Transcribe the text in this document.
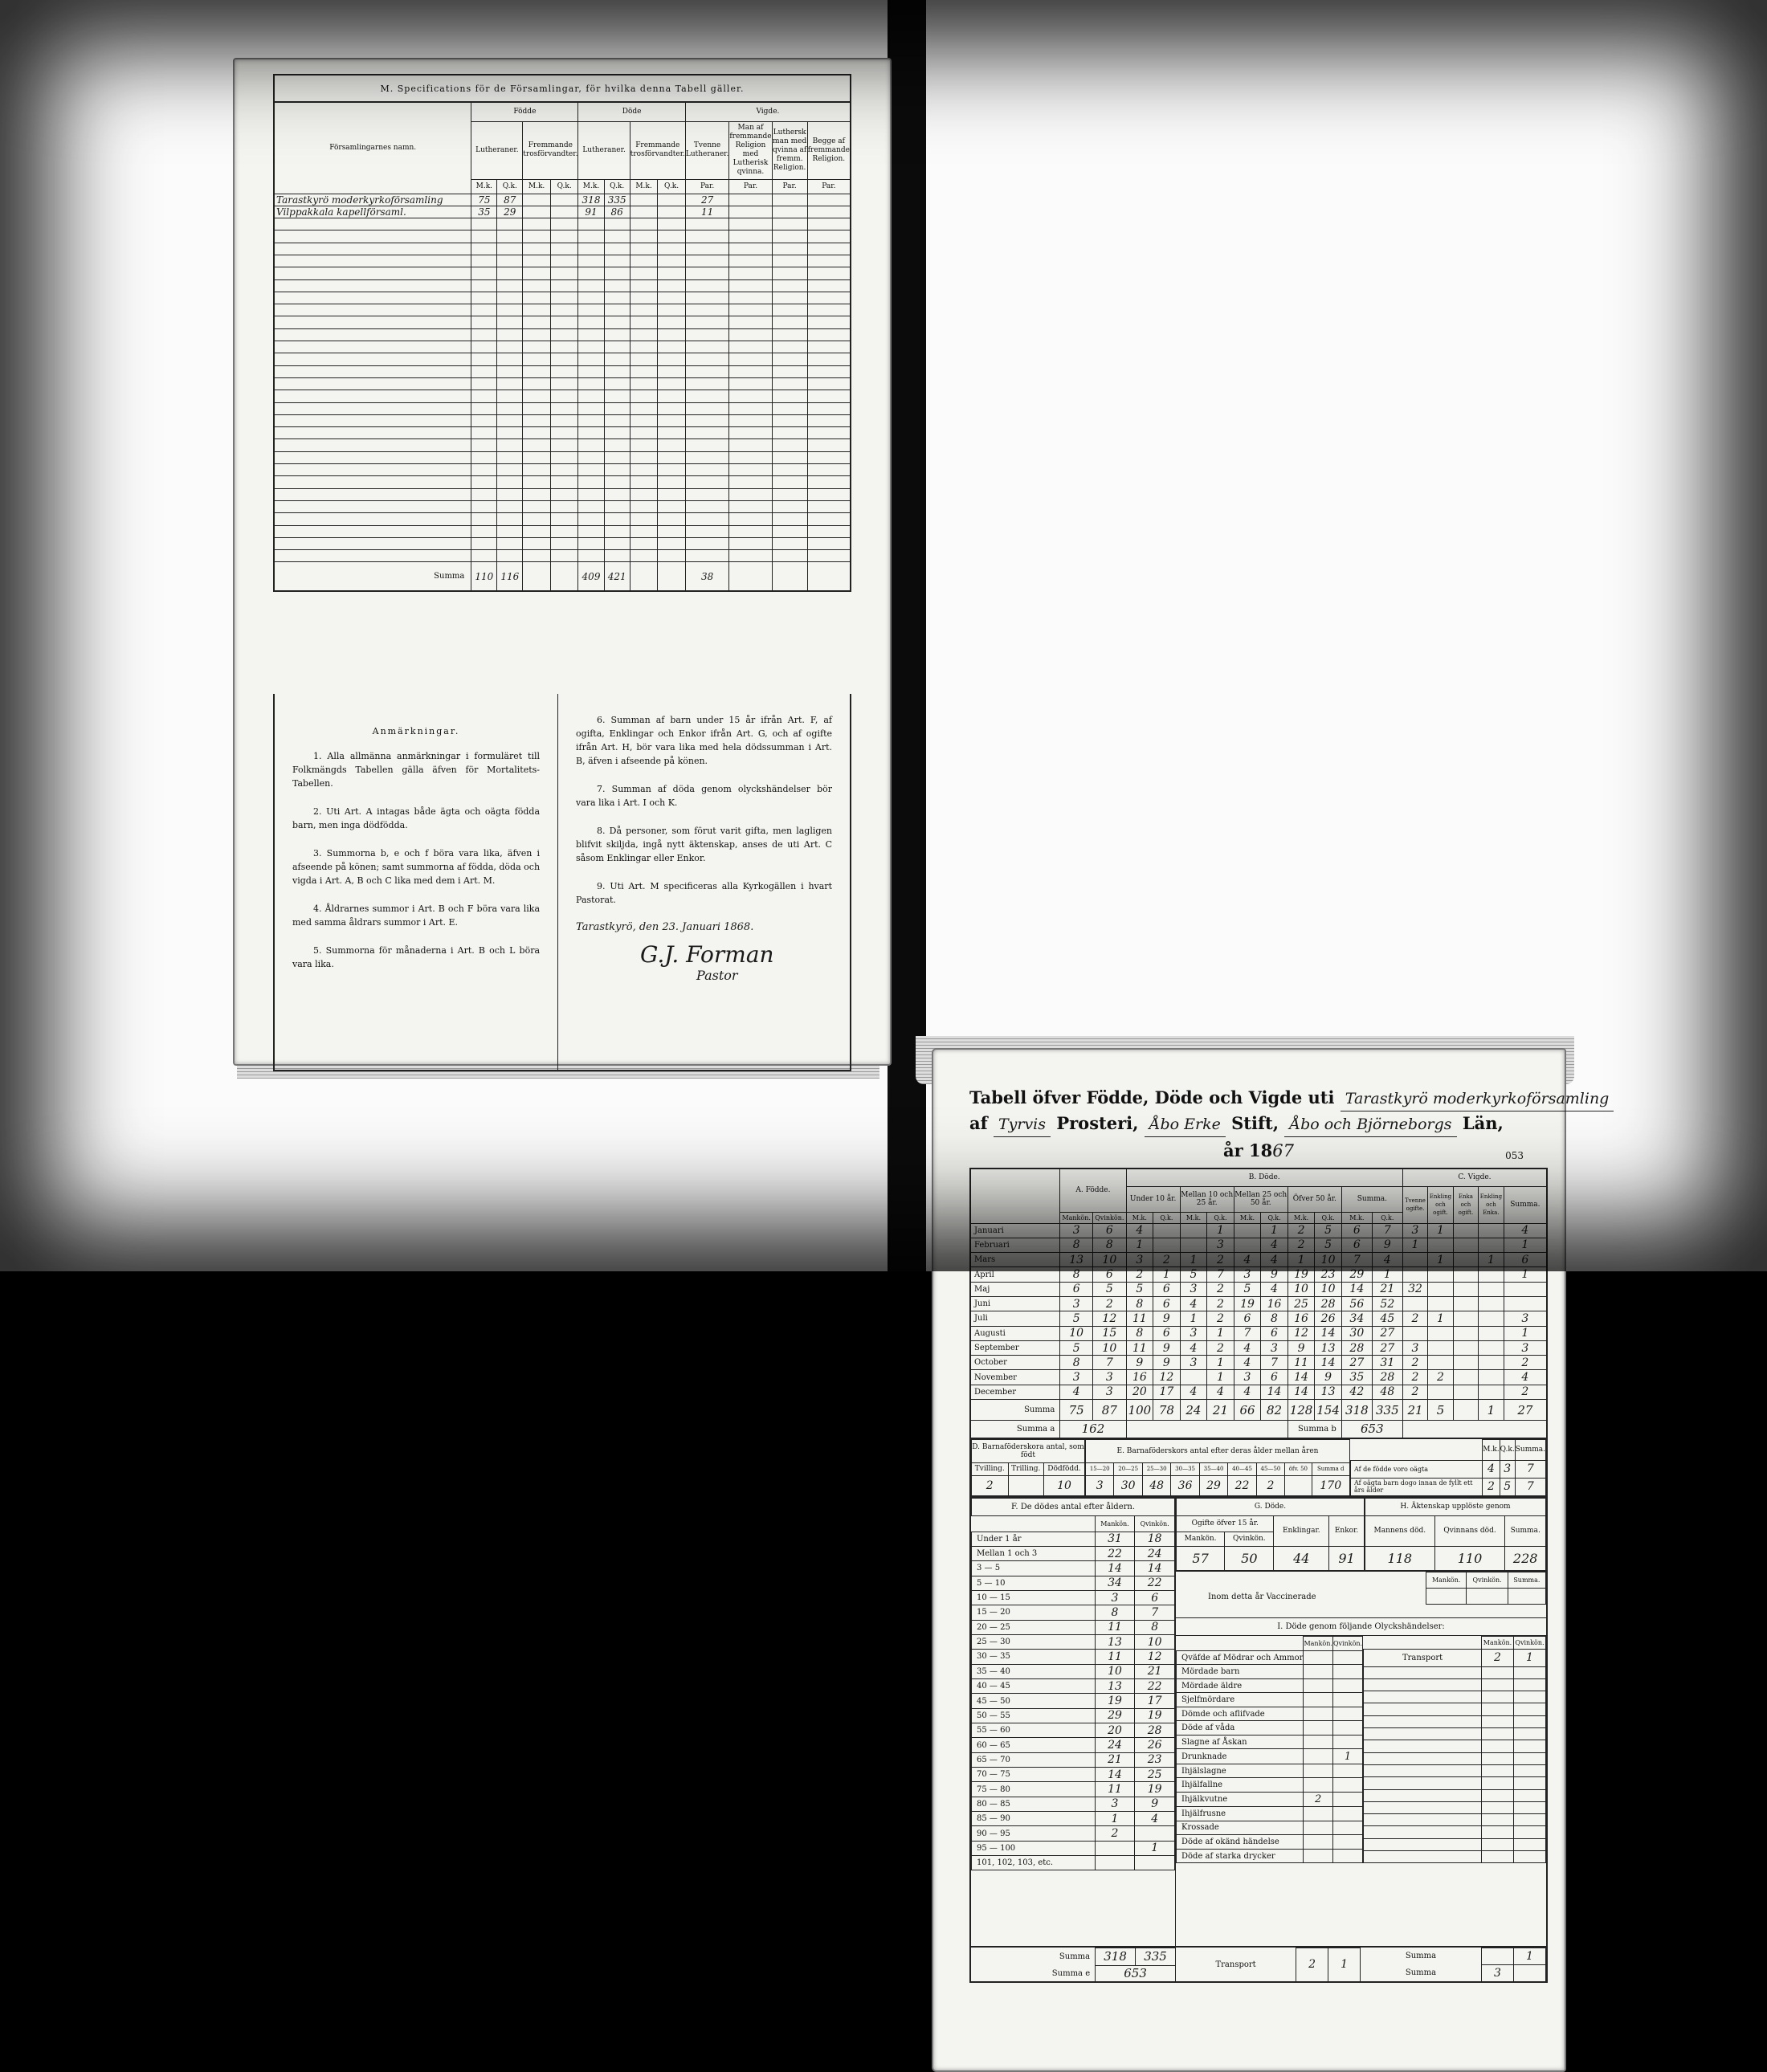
M. Specifications för de Församlingar, för hvilka denna Tabell gäller.
Församlingarnes namn.	Födde				Döde				Vigde.			
	Lutheraner.		Fremmande trosförvandter.		Lutheraner.		Fremmande trosförvandter.		Tvenne Lutheraner.	Man af fremmande Religion med Lutherisk qvinna.	Luthersk man med qvinna af fremm. Religion.	Begge af fremmande Religion.
	M.k.	Q.k.	M.k.	Q.k.	M.k.	Q.k.	M.k.	Q.k.	Par.	Par.	Par.	Par.
Tarastkyrö moderkyrkoförsamling	75	87			318	335			27			
Vilppakkala kapellförsaml.	35	29			91	86			11			

Summa	110	116			409	421			38			
Anmärkningar.

1. Alla allmänna anmärkningar i formuläret till Folkmängds Tabellen gälla äfven för Mortalitets-Tabellen.

2. Uti Art. A intagas både ägta och oägta födda barn, men inga dödfödda.

3. Summorna b, e och f böra vara lika, äfven i afseende på könen; samt summorna af födda, döda och vigda i Art. A, B och C lika med dem i Art. M.

4. Åldrarnes summor i Art. B och F böra vara lika med samma åldrars summor i Art. E.

5. Summorna för månaderna i Art. B och L böra vara lika.

6. Summan af barn under 15 år ifrån Art. F, af ogifta, Enklingar och Enkor ifrån Art. G, och af ogifte ifrån Art. H, bör vara lika med hela dödssumman i Art. B, äfven i afseende på könen.

7. Summan af döda genom olyckshändelser bör vara lika i Art. I och K.

8. Då personer, som förut varit gifta, men lagligen blifvit skiljda, ingå nytt äktenskap, anses de uti Art. C såsom Enklingar eller Enkor.

9. Uti Art. M specificeras alla Kyrkogällen i hvart Pastorat.

Tarastkyrö, den 23. Januari 1868.
G.J. Forman
Pastor
Tabell öfver Födde, Döde och Vigde uti Tarastkyrö moderkyrkoförsamling
af Tyrvis Prosteri, Åbo Erke Stift, Åbo och Björneborgs Län,
år 1867	053
	A. Födde.		B. Döde.										C. Vigde.				
			Under 10 år.		Mellan 10 och 25 år.		Mellan 25 och 50 år.		Öfver 50 år.		Summa.		Tvenne ogifte.	Enkling och ogift.	Enka och ogift.	Enkling och Enka.	Summa.
	Mankön.	Qvinkön.	M.k.	Q.k.	M.k.	Q.k.	M.k.	Q.k.	M.k.	Q.k.	M.k.	Q.k.					
Januari	3	6	4			1		1	2	5	6	7	3	1			4
Februari	8	8	1			3		4	2	5	6	9	1				1
Mars	13	10	3	2	1	2	4	4	1	10	7	4		1		1	6
April	8	6	2	1	5	7	3	9	19	23	29	1					1
Maj	6	5	5	6	3	2	5	4	10	10	14	21	32				
Juni	3	2	8	6	4	2	19	16	25	28	56	52					
Juli	5	12	11	9	1	2	6	8	16	26	34	45	2	1			3
Augusti	10	15	8	6	3	1	7	6	12	14	30	27					1
September	5	10	11	9	4	2	4	3	9	13	28	27	3				3
October	8	7	9	9	3	1	4	7	11	14	27	31	2				2
November	3	3	16	12		1	3	6	14	9	35	28	2	2			4
December	4	3	20	17	4	4	4	14	14	13	42	48	2				2
Summa	75	87	100	78	24	21	66	82	128	154	318	335	21	5		1	27
Summa a	162								Summa b		653						
D. Barnaföderskora antal, som födt		
Tvilling.	Trilling.	Dödfödd.
2		10
E. Barnaföderskors antal efter deras ålder mellan åren								
15—20	20—25	25—30	30—35	35—40	40—45	45—50	öfv. 50	Summa d
3	30	48	36	29	22	2		170
	M.k.	Q.k.	Summa.
Af de födde voro oägta	4	3	7
Af oägta barn dogo innan de fyllt ett års ålder	2	5	7
F. De dödes antal efter åldern.		
	Mankön.	Qvinkön.
Under 1 år	31	18
Mellan 1 och 3	22	24
3 — 5	14	14
5 — 10	34	22
10 — 15	3	6
15 — 20	8	7
20 — 25	11	8
25 — 30	13	10
30 — 35	11	12
35 — 40	10	21
40 — 45	13	22
45 — 50	19	17
50 — 55	29	19
55 — 60	20	28
60 — 65	24	26
65 — 70	21	23
70 — 75	14	25
75 — 80	11	19
80 — 85	3	9
85 — 90	1	4
90 — 95	2	
95 — 100		1
101, 102, 103, etc.		
G. Döde.			
Ogifte öfver 15 år.		Enklingar.	Enkor.
Mankön.	Qvinkön.		
57	50	44	91
H. Äktenskap upplöste genom		
Mannens död.	Qvinnans död.	Summa.
118	110	228
Mankön.	Qvinkön.	Summa.

Inom detta år Vaccinerade
I. Döde genom följande Olyckshändelser:
	Mankön.	Qvinkön.
Qväfde af Mödrar och Ammor		
Mördade barn		
Mördade äldre		
Sjelfmördare		
Dömde och aflifvade		
Döde af våda		
Slagne af Åskan		
Drunknade		1
Ihjälslagne		
Ihjälfallne		
Ihjälkvutne	2	
Ihjälfrusne		
Krossade		
Döde af okänd händelse		
Döde af starka drycker		
	Mankön.	Qvinkön.
Transport	2	1

Summa	318	335
Summa e	653	
Transport	2	1
Summa		1
Summa	3	
